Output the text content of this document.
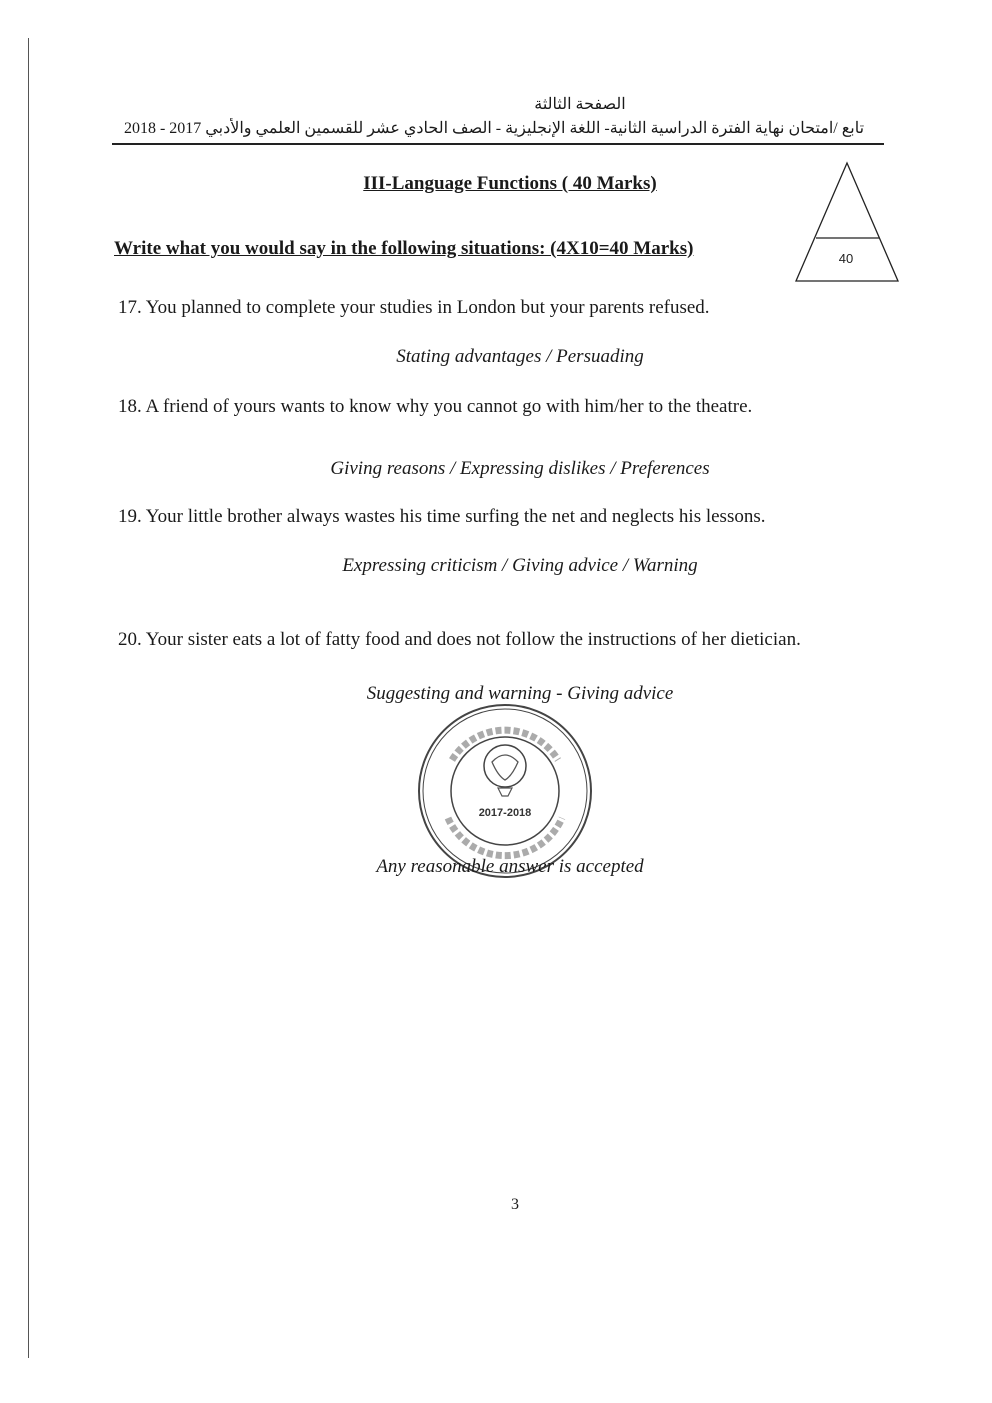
الصفحة الثالثة
تابع /امتحان نهاية الفترة الدراسية الثانية- اللغة الإنجليزية - الصف الحادي عشر للقسمين العلمي والأدبي 2017 - 2018
III-Language Functions ( 40 Marks)
Write what you would say in the following situations: (4X10=40 Marks)	40
17. You planned to complete your studies in London but your parents refused.
Stating advantages / Persuading
18. A friend of yours wants to know why you cannot go with him/her to the theatre.
Giving reasons / Expressing dislikes / Preferences
19. Your little brother always wastes his time surfing the net and neglects his lessons.
Expressing criticism / Giving advice / Warning
20. Your sister eats a lot of fatty food and does not follow the instructions of her dietician.
Suggesting and warning - Giving advice
2017-2018
Any reasonable answer is accepted
3
